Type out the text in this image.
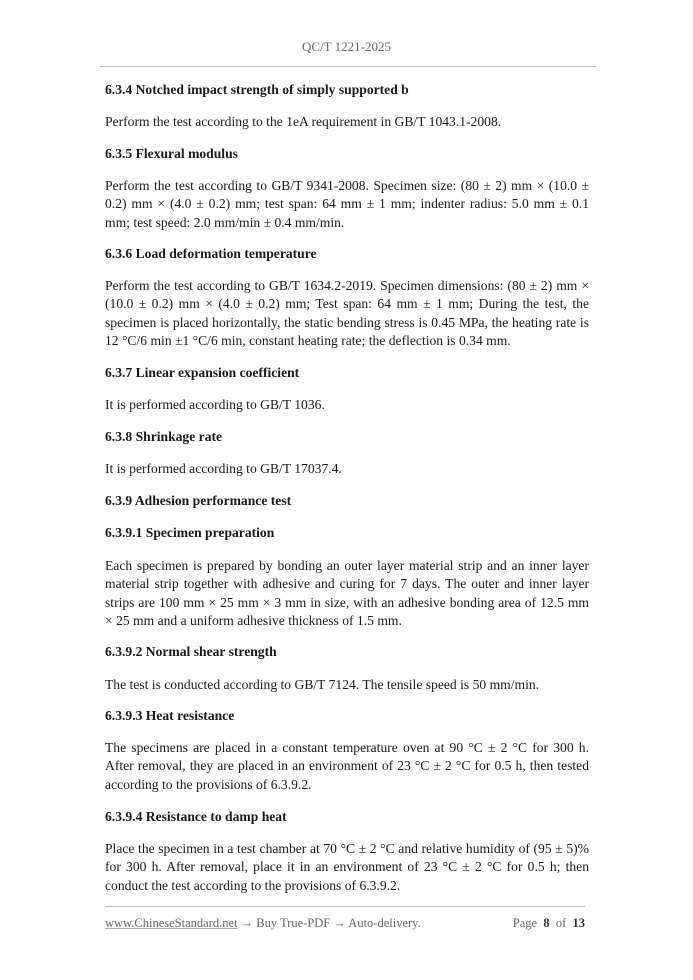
QC/T 1221-2025
6.3.4 Notched impact strength of simply supported b
Perform the test according to the 1eA requirement in GB/T 1043.1-2008.
6.3.5 Flexural modulus
Perform the test according to GB/T 9341-2008. Specimen size: (80 ± 2) mm × (10.0 ± 0.2) mm × (4.0 ± 0.2) mm; test span: 64 mm ± 1 mm; indenter radius: 5.0 mm ± 0.1 mm; test speed: 2.0 mm/min ± 0.4 mm/min.
6.3.6 Load deformation temperature
Perform the test according to GB/T 1634.2-2019. Specimen dimensions: (80 ± 2) mm × (10.0 ± 0.2) mm × (4.0 ± 0.2) mm; Test span: 64 mm ± 1 mm; During the test, the specimen is placed horizontally, the static bending stress is 0.45 MPa, the heating rate is 12 °C/6 min ±1 °C/6 min, constant heating rate; the deflection is 0.34 mm.
6.3.7 Linear expansion coefficient
It is performed according to GB/T 1036.
6.3.8 Shrinkage rate
It is performed according to GB/T 17037.4.
6.3.9 Adhesion performance test
6.3.9.1 Specimen preparation
Each specimen is prepared by bonding an outer layer material strip and an inner layer material strip together with adhesive and curing for 7 days. The outer and inner layer strips are 100 mm × 25 mm × 3 mm in size, with an adhesive bonding area of 12.5 mm × 25 mm and a uniform adhesive thickness of 1.5 mm.
6.3.9.2 Normal shear strength
The test is conducted according to GB/T 7124. The tensile speed is 50 mm/min.
6.3.9.3 Heat resistance
The specimens are placed in a constant temperature oven at 90 °C ± 2 °C for 300 h. After removal, they are placed in an environment of 23 °C ± 2 °C for 0.5 h, then tested according to the provisions of 6.3.9.2.
6.3.9.4 Resistance to damp heat
Place the specimen in a test chamber at 70 °C ± 2 °C and relative humidity of (95 ± 5)% for 300 h. After removal, place it in an environment of 23 °C ± 2 °C for 0.5 h; then conduct the test according to the provisions of 6.3.9.2.
www.ChineseStandard.net → Buy True-PDF → Auto-delivery.	Page 8 of 13
